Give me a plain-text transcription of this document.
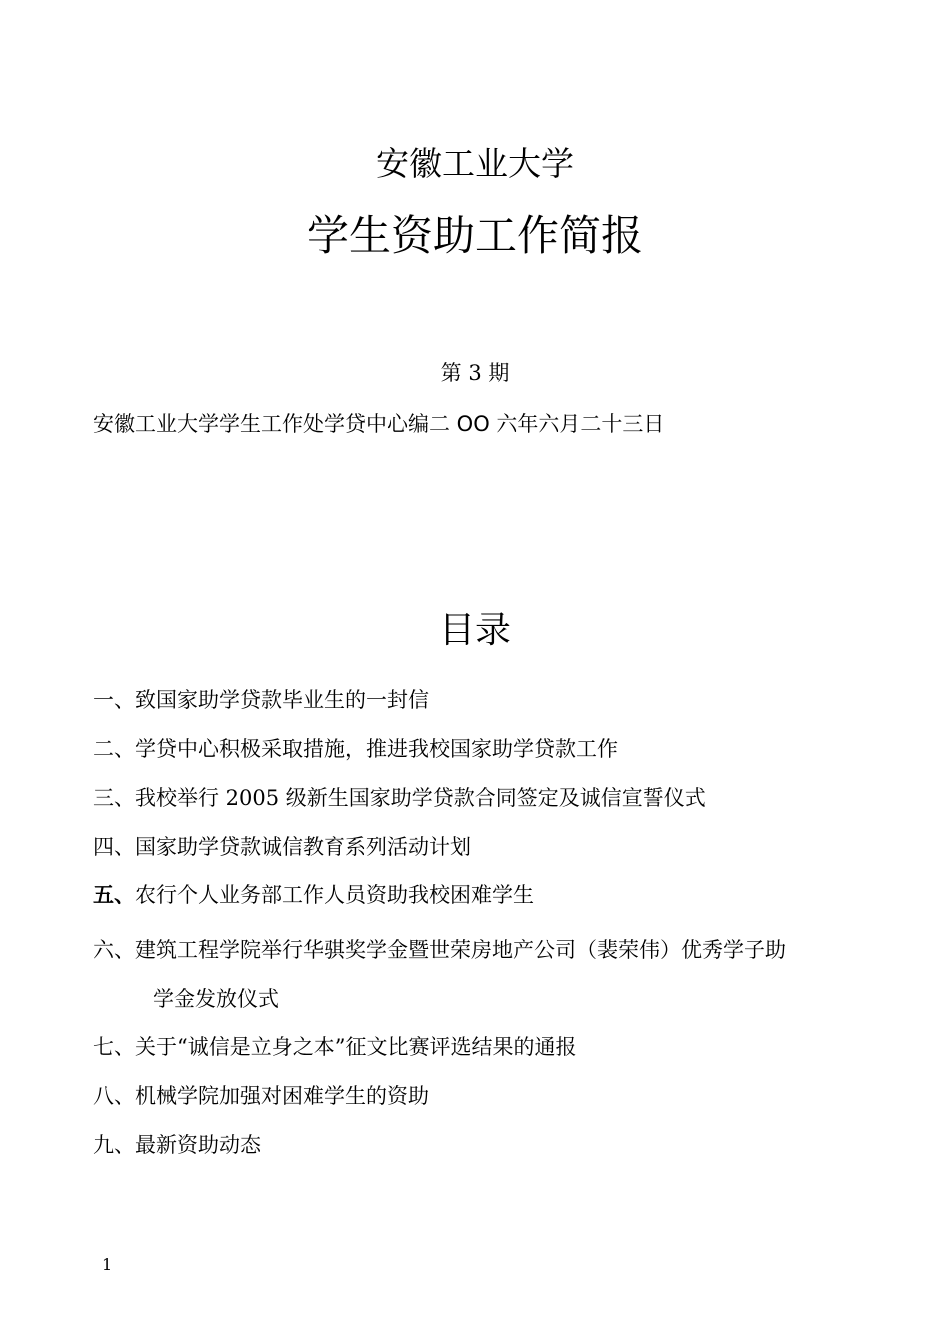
安徽工业大学
学生资助工作简报
第 3 期
安徽工业大学学生工作处学贷中心编二 OO 六年六月二十三日
目录
一、致国家助学贷款毕业生的一封信
二、学贷中心积极采取措施，推进我校国家助学贷款工作
三、我校举行 2005 级新生国家助学贷款合同签定及诚信宣誓仪式
四、国家助学贷款诚信教育系列活动计划
五、农行个人业务部工作人员资助我校困难学生
六、建筑工程学院举行华骐奖学金暨世荣房地产公司（裴荣伟）优秀学子助
学金发放仪式
七、关于“诚信是立身之本”征文比赛评选结果的通报
八、机械学院加强对困难学生的资助
九、最新资助动态
1
